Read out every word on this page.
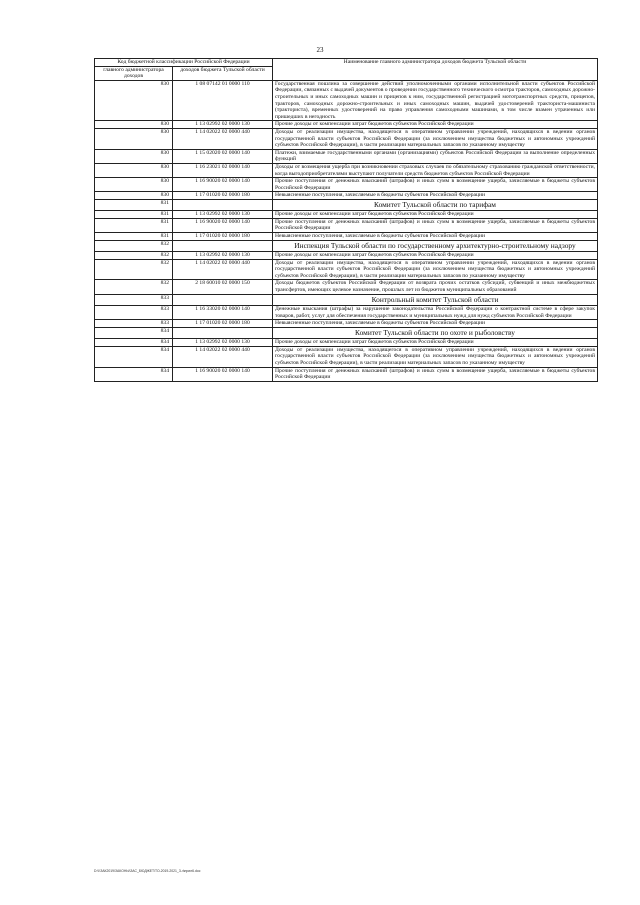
23
Код бюджетной классификации Российской Федерации		Наименование главного администратора доходов бюджета Тульской области
главного администратора доходов	доходов бюджета Тульской области	
830	1 08 07142 01 0000 110	Государственная пошлина за совершение действий уполномоченными органами исполнительной власти субъектов Российской Федерации, связанных с выдачей документов о проведении государственного технического осмотра тракторов, самоходных дорожно-строительных и иных самоходных машин и прицепов к ним, государственной регистрацией мототранспортных средств, прицепов, тракторов, самоходных дорожно-строительных и иных самоходных машин, выдачей удостоверений тракториста-машиниста (тракториста), временных удостоверений на право управления самоходными машинами, в том числе взамен утраченных или пришедших в негодность
830	1 13 02992 02 0000 130	Прочие доходы от компенсации затрат бюджетов субъектов Российской Федерации
830	1 14 02022 02 0000 440	Доходы от реализации имущества, находящегося в оперативном управлении учреждений, находящихся в ведении органов государственной власти субъектов Российской Федерации (за исключением имущества бюджетных и автономных учреждений субъектов Российской Федерации), в части реализации материальных запасов по указанному имуществу
830	1 15 02020 02 0000 140	Платежи, взимаемые государственными органами (организациями) субъектов Российской Федерации за выполнение определенных функций
830	1 16 23021 02 0000 140	Доходы от возмещения ущерба при возникновении страховых случаев по обязательному страхованию гражданской ответственности, когда выгодоприобретателями выступают получатели средств бюджетов субъектов Российской Федерации
830	1 16 90020 02 0000 140	Прочие поступления от денежных взысканий (штрафов) и иных сумм в возмещение ущерба, зачисляемые в бюджеты субъектов Российской Федерации
830	1 17 01020 02 0000 180	Невыясненные поступления, зачисляемые в бюджеты субъектов Российской Федерации
831		Комитет Тульской области по тарифам
831	1 13 02992 02 0000 130	Прочие доходы от компенсации затрат бюджетов субъектов Российской Федерации
831	1 16 90020 02 0000 140	Прочие поступления от денежных взысканий (штрафов) и иных сумм в возмещение ущерба, зачисляемые в бюджеты субъектов Российской Федерации
831	1 17 01020 02 0000 180	Невыясненные поступления, зачисляемые в бюджеты субъектов Российской Федерации
832		Инспекция Тульской области по государственному архитектурно-строительному надзору
832	1 13 02992 02 0000 130	Прочие доходы от компенсации затрат бюджетов субъектов Российской Федерации
832	1 14 02022 02 0000 440	Доходы от реализации имущества, находящегося в оперативном управлении учреждений, находящихся в ведении органов государственной власти субъектов Российской Федерации (за исключением имущества бюджетных и автономных учреждений субъектов Российской Федерации), в части реализации материальных запасов по указанному имуществу
832	2 18 60010 02 0000 150	Доходы бюджетов субъектов Российской Федерации от возврата прочих остатков субсидий, субвенций и иных межбюджетных трансфертов, имеющих целевое назначение, прошлых лет из бюджетов муниципальных образований
833		Контрольный комитет Тульской области
833	1 16 33020 02 0000 140	Денежные взыскания (штрафы) за нарушение законодательства Российской Федерации о контрактной системе в сфере закупок товаров, работ, услуг для обеспечения государственных и муниципальных нужд для нужд субъектов Российской Федерации
833	1 17 01020 02 0000 180	Невыясненные поступления, зачисляемые в бюджеты субъектов Российской Федерации
834		Комитет Тульской области по охоте и рыболовству
834	1 13 02992 02 0000 130	Прочие доходы от компенсации затрат бюджетов субъектов Российской Федерации
834	1 14 02022 02 0000 440	Доходы от реализации имущества, находящегося в оперативном управлении учреждений, находящихся в ведении органов государственной власти субъектов Российской Федерации (за исключением имущества бюджетных и автономных учреждений субъектов Российской Федерации), в части реализации материальных запасов по указанному имуществу
834	1 16 90020 02 0000 140	Прочие поступления от денежных взысканий (штрафов) и иных сумм в возмещение ущерба, зачисляемые в бюджеты субъектов Российской Федерации
D:\!\ЗАК2019\ЗАКОНЫ\ЗАС_БЮДЖЕТ\ТО-2019-2021_3-ч\прил6.doc
